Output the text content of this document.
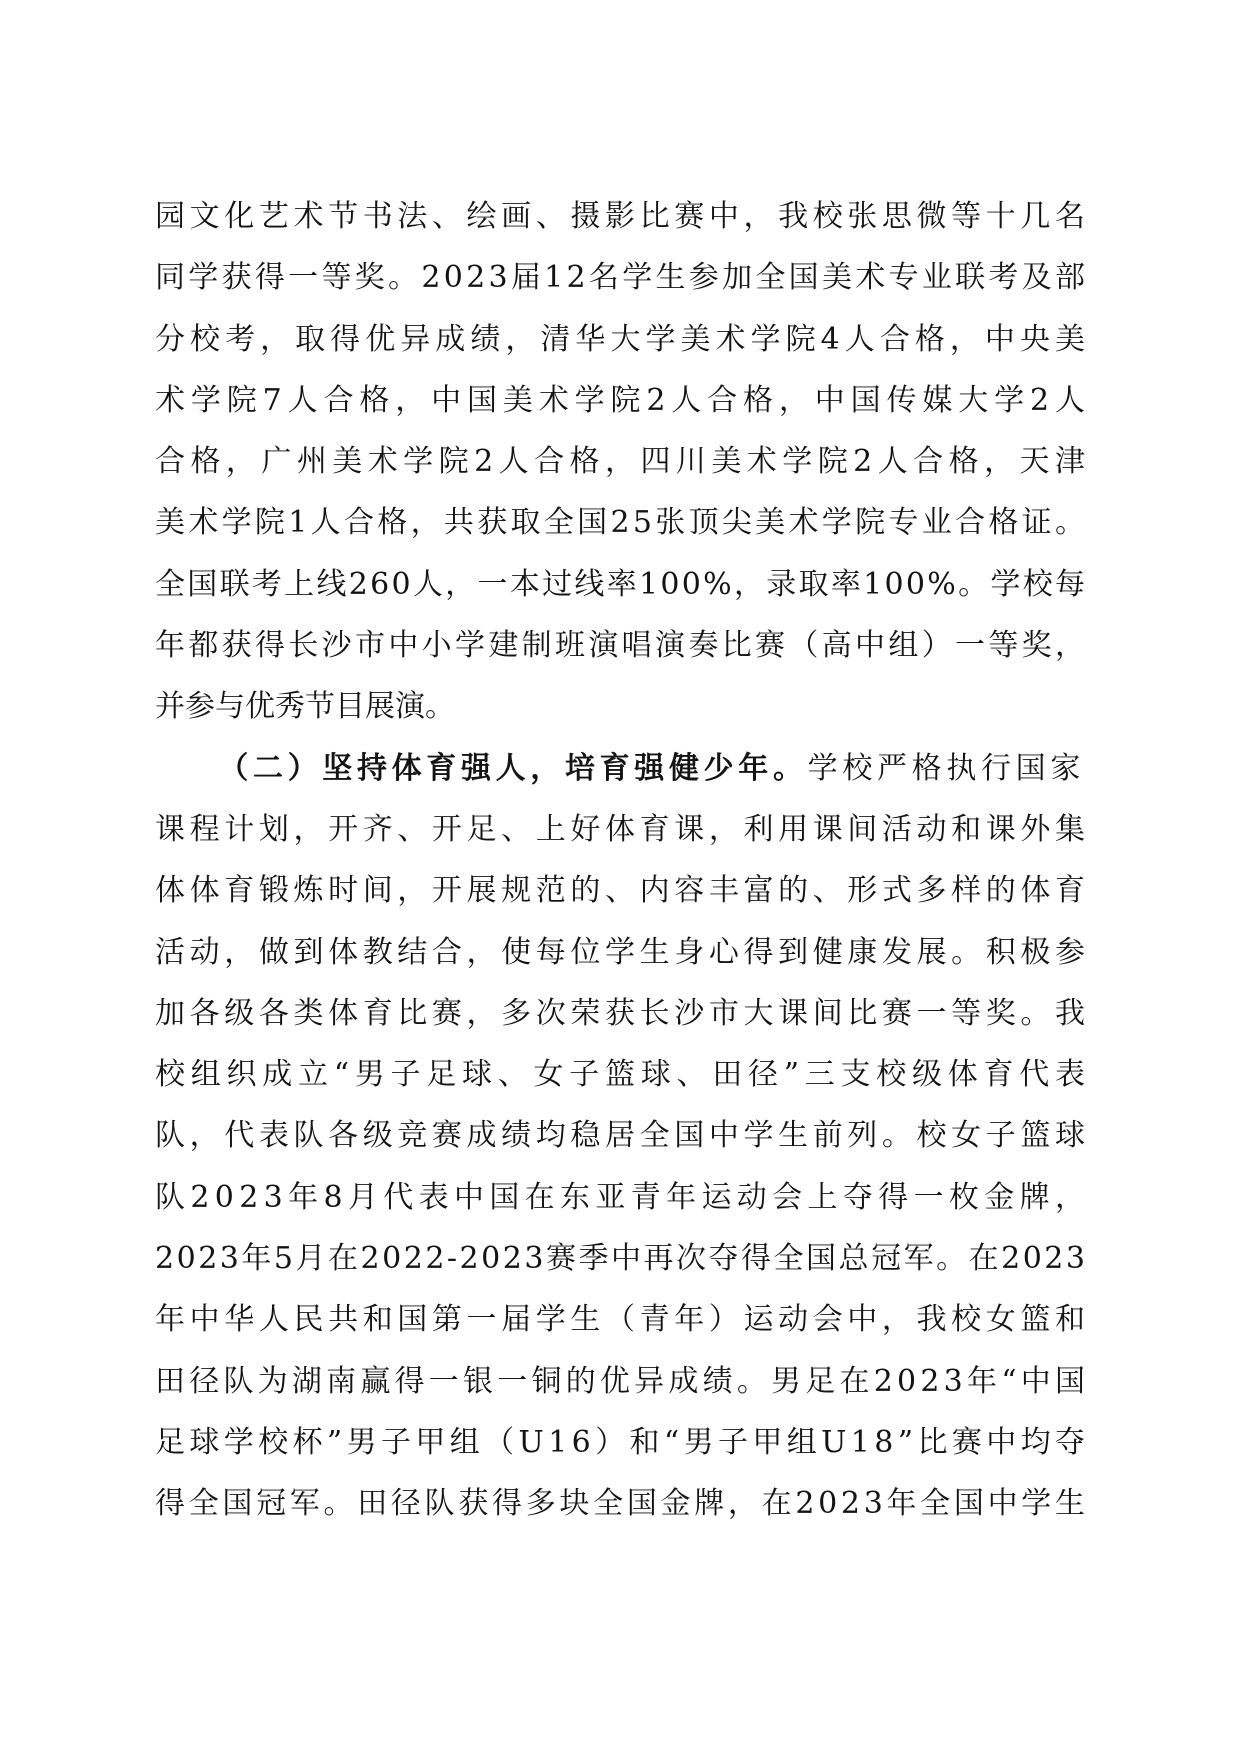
园文化艺术节书法、绘画、摄影比赛中，我校张思微等十几名
同学获得一等奖。2023届12名学生参加全国美术专业联考及部
分校考，取得优异成绩，清华大学美术学院4人合格，中央美
术学院7人合格，中国美术学院2人合格，中国传媒大学2人
合格，广州美术学院2人合格，四川美术学院2人合格，天津
美术学院1人合格，共获取全国25张顶尖美术学院专业合格证。
全国联考上线260人，一本过线率100%，录取率100%。学校每
年都获得长沙市中小学建制班演唱演奏比赛（高中组）一等奖，
并参与优秀节目展演。
（二）坚持体育强人，培育强健少年。 学校严格执行国家
课程计划，开齐、开足、上好体育课，利用课间活动和课外集
体体育锻炼时间，开展规范的、内容丰富的、形式多样的体育
活动，做到体教结合，使每位学生身心得到健康发展。积极参
加各级各类体育比赛，多次荣获长沙市大课间比赛一等奖。我
校组织成立“男子足球、女子篮球、田径”三支校级体育代表
队，代表队各级竞赛成绩均稳居全国中学生前列。校女子篮球
队2023年8月代表中国在东亚青年运动会上夺得一枚金牌，
2023年5月在2022-2023赛季中再次夺得全国总冠军。在2023
年中华人民共和国第一届学生（青年）运动会中，我校女篮和
田径队为湖南赢得一银一铜的优异成绩。男足在2023年“中国
足球学校杯”男子甲组（U16）和“男子甲组U18”比赛中均夺
得全国冠军。田径队获得多块全国金牌，在2023年全国中学生
